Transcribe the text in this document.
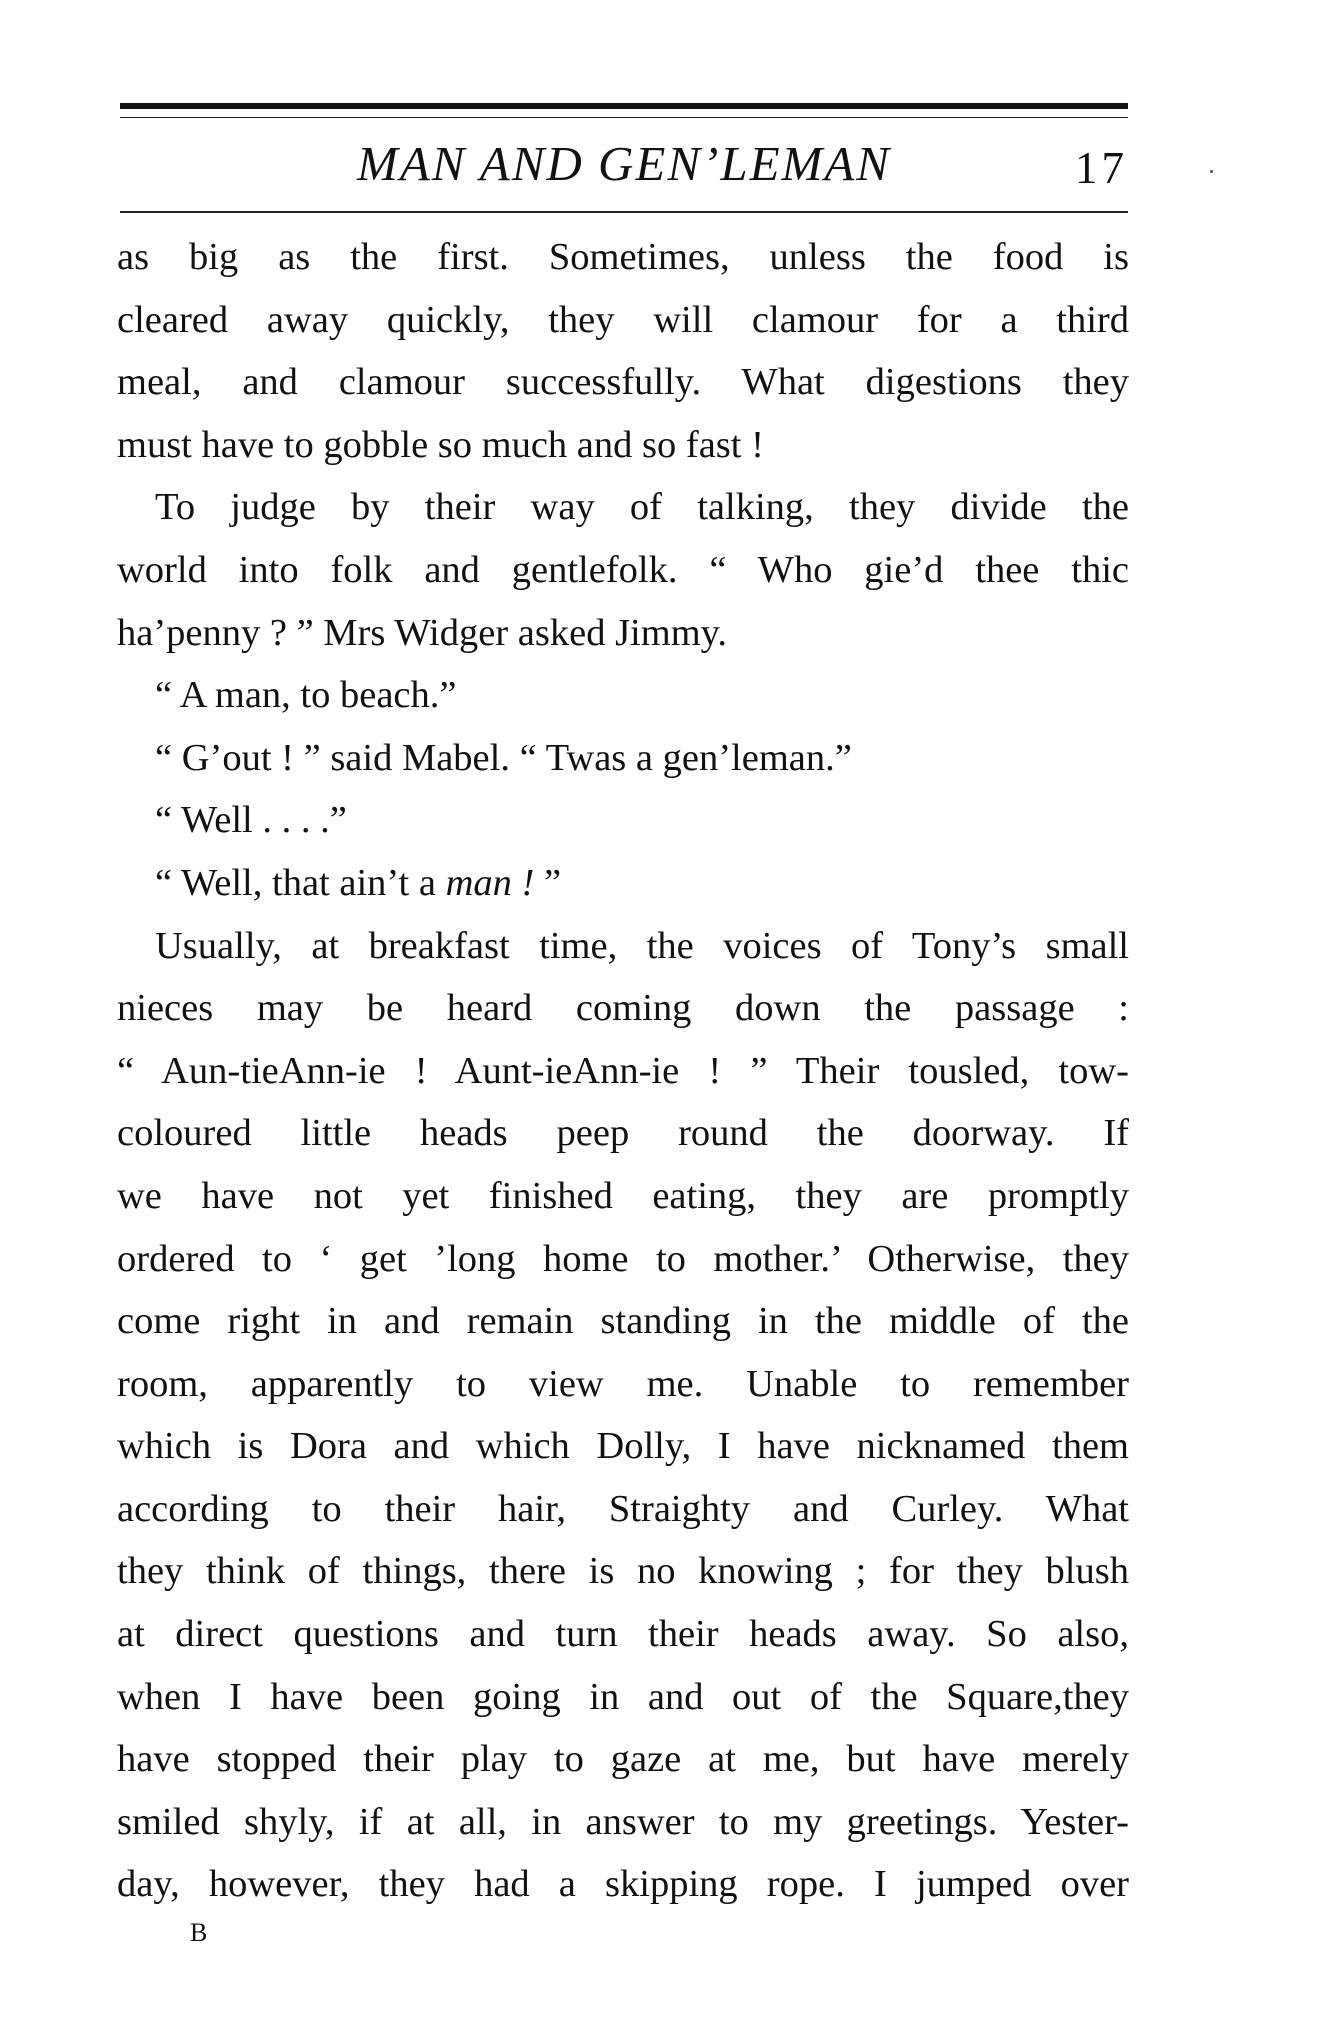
MAN AND GEN’LEMAN	17
as big as the first. Sometimes, unless the food is
cleared away quickly, they will clamour for a third
meal, and clamour successfully. What digestions they
must have to gobble so much and so fast !
To judge by their way of talking, they divide the
world into folk and gentlefolk. “ Who gie’d thee thic
ha’penny ? ” Mrs Widger asked Jimmy.
“ A man, to beach.”
“ G’out ! ” said Mabel. “ Twas a gen’leman.”
“ Well . . . .”
“ Well, that ain’t a man ! ”
Usually, at breakfast time, the voices of Tony’s small
nieces may be heard coming down the passage :
“ Aun-tieAnn-ie ! Aunt-ieAnn-ie ! ” Their tousled, tow-
coloured little heads peep round the doorway. If
we have not yet finished eating, they are promptly
ordered to ‘ get ’long home to mother.’ Otherwise, they
come right in and remain standing in the middle of the
room, apparently to view me. Unable to remember
which is Dora and which Dolly, I have nicknamed them
according to their hair, Straighty and Curley. What
they think of things, there is no knowing ; for they blush
at direct questions and turn their heads away. So also,
when I have been going in and out of the Square,they
have stopped their play to gaze at me, but have merely
smiled shyly, if at all, in answer to my greetings. Yester-
day, however, they had a skipping rope. I jumped over
B
